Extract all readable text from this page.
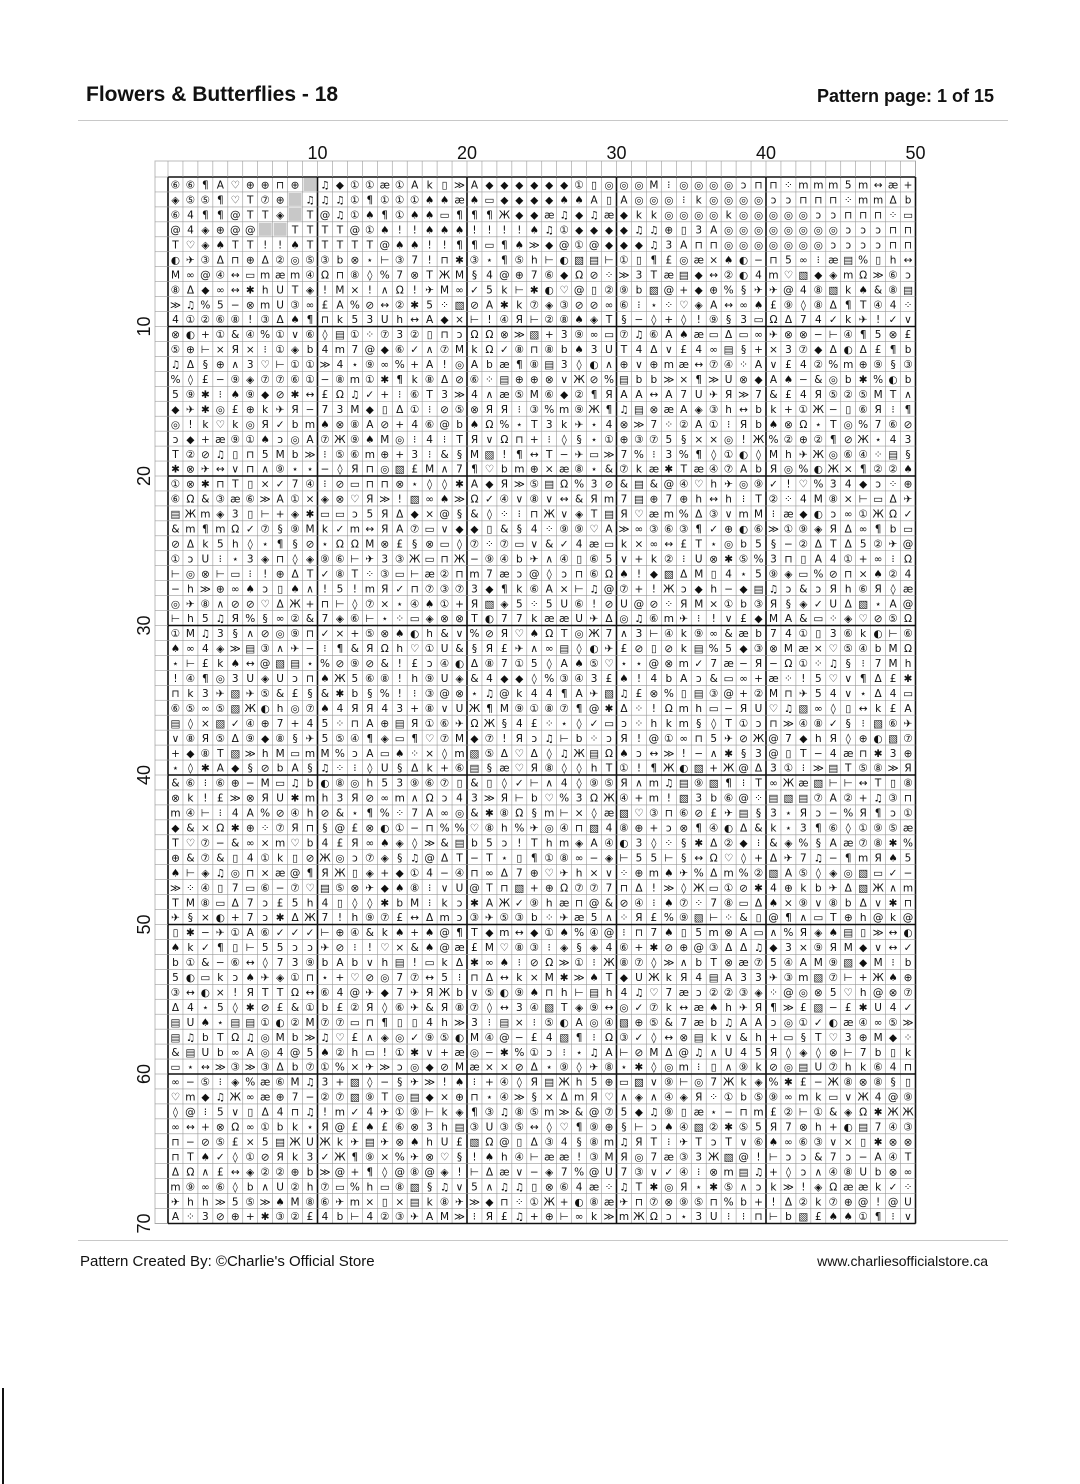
Flowers & Butterflies - 18	Pattern page: 1 of 15
⑥ ⑥ ¶ A ♡ ⊕ ⊕ ⊓ ⊕ ♫ ◆ ① ① æ ① A k ▯ ≫ A ◆ ◆ ◆ ◆ ◆ ◆ ① ▯ ◎ ◎ ◎ M ⁝ ◎ ◎ ◎ ◎ ↄ ⊓ ⊓ ⁘ m m m 5 m ↔ æ +
◈ ⑤ ⑤ ¶ ♡ T ⑦ ⊕ ♫ ♫ ♫ ① ¶ ① ① ① ♠ ♠ æ ♠ ▭ ◆ ◆ ◆ ◆ ♠ ♠ A ▯ A ◎ ◎ ◎ ⁝ k ◎ ◎ ◎ ◎ ↄ ↄ ⊓ ⊓ ⊓ ⁘ m m Δ b
⑥ 4 ¶ ¶ @ T T ◈ T @ ♫ ① ♠ ¶ ① ♠ ♠ ▭ ¶ ¶ ¶ Ж ◆ ◆ æ ♫ ◆ ♫ æ ◆ k k ◎ ◎ ◎ ◎ k ◎ ◎ ◎ ◎ ◎ ↄ ↄ ⊓ ⊓ ⊓ ⁘ ▭
@ 4 ◈ ⊕ @ @	T T T T @ ① ♠ ! ! ♠ ♠ ♠ ! ! ! ! ♠ ♫ ① ◆ ◆ ◆ ◆ ♫ ♫ ⊕ ▯ 3 A ◎ ◎ ◎ ◎ ◎ ◎ ◎ ◎ ↄ ↄ ↄ ⊓ ⊓
T ♡ ◈ ♠ T T ! ! ♠ T T T T T @ ♠ ♠ ! ! ¶ ¶ ▭ ¶ ♠ ≫ ◆ @ ① @ ◆ ◆ ◆ ♫ 3 A ⊓ ⊓ ◎ ◎ ◎ ◎ ◎ ◎ ◎ ↄ ↄ ↄ ↄ ⊓ ⊓
◐ ✈ ③ Δ ⊓ ⊕ Δ ② ◎ ⑤ ③ b ⊗ ⋆ ⊢ ③ 7 ! ⊓ ✱ ③ ⋆ ¶ ⑤ h ⊢ ◐ ▧ ▤ ⊢ ① ▯ ¶ £ ◎ æ × ♠ ◐ − ⊓ 5 ∞ ⁝ æ ▤ % ▯ h ↔
M ∞ @ ④ ↔ ▭ m æ m ④ Ω ⊓ ⑧ ◊ % 7 ⊗ T Ж M § 4 @ ⊕ 7 ⑥ ◆ Ω ⊘ ⁘ ≫ 3 T æ ▤ ◆ ↔ ② ◐ 4 m ♡ ▧ ◆ ◈ m Ω ≫ ⑥ ↄ
⑧ Δ ◆ ∞ ↔ ✱ h U T ◈ ! M × ! ∧ Ω ! ✈ M ∞ ✓ 5 k ⊢ ✱ ◐ ♡ @ ▯ ② ⑨ b ▧ @ + ◆ ⊕ % § ✈ ✈ @ 4 ⑧ ▧ k ♠ & ⑧ ▤
≫ ♫ % 5 − ⊗ m U ③ ∞ £ A % ⊘ ↔ ② ✱ 5 ⁘ ▧ ⊘ A ✱ k ⑦ ◈ ③ ⊘ ⊘ ∞ ⑥ ⁝ ⋆ ⁘ ♡ ◈ A ↔ ∞ ♠ £ ⑨ ◊ ⑧ Δ ¶ T ④ 4 ⁘
4 ① ② ⑥ ⑧ ! ③ Δ ♠ ¶ ⊓ k 5 3 U h ↔ A ◆ × ⊢ ! ④ Я ⊢ ② ⑧ ♠ ◈ T § − ◊ + ◊ ! ⑨ § 3 ▭ Ω Δ 7 4 ✓ k ✈ ! ✓ ∨
⊗ ◐ + ① & ④ % ① ∨ ⑥ ◊ ▤ ① ⁘ ⑦ 3 ② ▯ ⊓ ↄ Ω Ω ⊗ ≫ ▧ + 3 ⑨ ∞ ▭ ⑦ ♫ ⑥ A ♠ æ ▭ Δ ▭ ∞ ✈ ⊗ ⊗ − ⊢ ④ ¶ 5 ⊗ £
⑤ ⊕ ⊢ × Я × ⁝ ① ◈ b 4 m 7 @ ◆ ⑥ ✓ ∧ ⑦ M k Ω ✓ ⑧ ⊓ ⑧ b ♠ 3 U T 4 Δ ∨ £ 4 ∞ ▤ § + × 3 ⑦ ◆ Δ ◐ Δ £ ¶ b
♫ Δ § ⊕ ∧ 3 ♡ ⊢ ① ① ≫ 4 ⋆ ⑨ ∞ % + A ! ◎ A b æ ¶ ⑧ ▤ 3 ◊ ◐ ∧ ⊕ ∨ ⊕ m æ ↔ ⑦ ④ ⁘ A ∨ £ 4 ② % m ⊕ ⑨ § ③
% ◊ £ − ⑨ ◈ ⑦ ⑦ ⑥ ① − ⑧ m ① ✱ ¶ k ⑧ Δ ⊘ ⑥ ⁘ ▤ ⊕ ⊕ ⊗ ∨ Ж ⊘ % ▤ b b ≫ × ¶ ≫ U ⊗ ◆ A ♠ − & ◎ b ✱ % ◐ b
5 ⑨ ✱ ⁝ ♠ ⑨ ◆ ⊘ ✱ ↔ £ Ω ♫ ✓ + ⁝ ⑥ T 3 ≫ 4 ∧ æ ⑤ M ⑥ ◆ ② ¶ Я A A ↔ A 7 U ✈ Я ≫ 7 & £ 4 Я ⑤ ② ⑤ M T ∧
◆ ✈ ✱ ◎ £ ⊕ k ✈ Я − 7 3 M ◆ ▯ Δ ① ⁝ ⊘ ⑤ ⊗ Я Я ⁝ ③ % m ⑨ Ж ¶ ♫ ▤ ⊗ æ A ◈ ③ h ↔ b k + ① Ж − ▯ ⑥ Я ⁝ ¶
◎ ! k ♡ k ◎ Я ✓ b m ♠ ⊗ ⑧ A ⊘ + 4 ⑥ @ b ♠ Ω % ⋆ T 3 k ✈ ⋆ 4 ⊗ ≫ 7 ⁘ ② A ① ⁝ Я b ♠ ⊗ Ω ⋆ T ◎ % 7 ⑥ ⊘
ↄ ◆ + æ ⑨ ① ♠ ↄ ◎ A ⑦ Ж ⑨ ♠ M ◎ ⁝ 4 ⁝ T Я ∨ Ω ⊓ + ⁝ ◊ § ⋆ ① ⊕ ③ ⑦ 5 § × × ◎ ! Ж % ② ⊕ ② ¶ ⊘ Ж ⋆ 4 3
T ② ⊘ ♫ ▯ ⊓ 5 M b ≫ ⁝ ⑤ ⑥ m ⊕ + 3 ⁝ & § M ▧ ! ¶ ↔ T − ✈ ▭ ≫ 7 % ⁝ 3 % ¶ ◊ ① ◐ ◊ M h ✈ Ж ◎ ⑥ ④ ⁘ ▤ §
✱ ⊗ ✈ ↔ ∨ ⊓ ∧ ⑨ ⋆ ⋆ − ◊ Я ⊓ ◎ ▧ £ M ∧ 7 ¶ ♡ b m ⊕ × æ ⑧ ⋆ & ⑦ k æ ✱ T æ ④ ⑦ A b Я ◎ % ◐ Ж × ¶ ② ② ♠
① ⊗ ✱ ⊓ T ▯ × ✓ 7 ④ ⁝ ⊘ ▭ ⊓ ⊓ ⊗ ⋆ ◊ ◊ ✱ A ◆ Я ≫ ⑤ ▤ Ω % 3 ⊘ & ▤ & @ ④ ♡ h ✈ ◎ ⑨ ✓ ! ♡ % 3 4 ◆ ↄ ⁘ ⊕
⑥ Ω & ③ æ ⑥ ≫ A ① × ◈ ⊗ ♡ Я ≫ ! ▧ ∞ ♠ ≫ Ω ✓ ④ ∨ ⑧ ∨ ↔ & Я m 7 ▤ ⊕ 7 ⊕ h ↔ h ⁝ T ② ⁘ 4 M ⑧ × ⊢ ▭ Δ ✈
▤ Ж m ◈ 3 ▯ ⊢ + ◈ ✱ ▭ ▭ ↄ 5 Я Δ ◆ × @ § & ◊ ⁘ ⁝ ⊓ Ж ∨ ◈ T ▤ Я ♡ æ m % Δ ③ ∨ m M ⁝ æ ◆ ◐ ↄ ∞ ① Ж Ω ✓
& m ¶ m Ω ✓ ⑦ § ⑨ M k ✓ m ↔ Я A ⑦ ▭ ∨ ◆ ◆ ▯ & § 4 ⁘ ⑨ ⑨ ♡ A ≫ ∞ ③ ⑥ ③ ¶ ✓ ⊕ ◐ ⑥ ≫ ① ⑨ ◈ Я Δ ∞ ¶ b ▭
⊘ Δ k 5 h ◊ ⋆ ¶ § ⊘ ⋆ Ω Ω M ⊗ £ § ⊗ ▭ ◊ ⑦ ⁘ ⑦ ▭ ∨ & ✓ 4 æ ▭ k × ∞ ↔ £ T ⋆ ◎ b 5 § − ② Δ T Δ 5 ② ✈ @
① ↄ U ⁝ ⋆ 3 ◈ ⊓ ◊ ◈ ⑨ ⑥ ⊢ ✈ 3 ③ Ж ▭ ⊓ Ж − ⑨ ④ b ✈ ∧ ④ ▯ ⑥ 5 ∨ + k ② ⁝ U ⊗ ✱ ⑤ % 3 ⊓ ▯ A 4 ① + ∞ ⁝ Ω
⊢ ◎ ⊗ ⊢ ▭ ⁝ ! ⊕ Δ T ✓ ⑧ T ⁘ ③ ▭ ⊢ æ ② ⊓ m 7 æ ↄ @ ◊ ↄ ⊓ ⑥ Ω ♠ ! ◆ ▧ Δ M ▯ 4 ⋆ 5 ⑨ ◈ ▭ % ⊘ ⊓ × ♠ ② 4
− h ≫ ⊕ ∞ ♠ ↄ ▯ ♠ ∧ ! 5 ! m Я ✓ ⊓ ⑦ ③ ⑦ 3 ◆ ¶ k ⑥ A × ⊢ ♫ @ ⑦ + ! Ж ↄ ◆ h − ◆ ▤ ♫ ↄ & ↄ Я h ⑥ Я ◊ æ
◎ ✈ ⑧ ∧ ⊘ ⊘ ♡ Δ Ж + ⊓ ⊢ ◊ ⑦ × ⋆ ④ ♠ ① + Я ▧ ◈ 5 ⁘ 5 U ⑥ ! ⊘ U @ ⊘ ⁘ Я M × ① b ③ Я § ◈ ✓ U Δ ▧ ⋆ A @
⊢ h 5 ♫ Я % § ∞ ② & 7 ◈ ⑥ ⊢ ⋆ ⁘ ▭ ◈ ⊗ ⊗ T ◐ 7 7 k æ æ U ✈ Δ ◎ ♫ ⑥ m ✈ ⁝ ! ∨ £ ◆ M A & ▭ ⁘ ◈ ♡ ⊘ ⑤ Ω
① M ♫ 3 § ∧ ⊘ ◎ ⑨ ⊓ ✓ × + ⑤ ⊗ ♠ ◐ h & ∨ % ⊘ Я ♡ ♠ Ω T ◎ Ж 7 ∧ 3 ⊢ ④ k ⑨ ∞ & æ b 7 4 ① ▯ 3 ⑥ k ◐ ⊢ ⑥
♠ ∞ 4 ◈ ≫ ▤ ③ ∧ ✈ − ⁝ ¶ & Я Ω h ♡ ① U & § Я £ ✈ ∧ ∞ ▤ ◊ ◐ ✈ £ ⊘ ▯ ⊘ k ▤ % 5 ◆ ③ ⊗ M æ × ♡ ⑤ ④ b M Ω
⋆ ⊢ £ k ♠ ↔ @ ▧ ▤ ⋆ % ⊘ ⑨ ⊘ & ! £ ↄ ④ ◐ Δ ⑧ 7 ① 5 ◊ A ♠ ⑤ ♡ ⋆ ⋆ @ ⊗ m ✓ 7 æ − Я − Ω ① ⁘ ♫ § ⁝ 7 M h
! ④ ¶ ◎ 3 U ◈ U ↄ ⊓ ♠ Ж 5 ⑥ ⑧ ! h ⑨ U ◈ & 4 ◆ ◆ ◊ % ③ ④ 3 £ ♠ ! 4 b A ↄ & ▭ ∞ + æ ⁘ ! 5 ♡ ∨ ¶ Δ £ ✱
⊓ k 3 ✈ ▧ ✈ ⑤ & £ § & ✱ b § % ! ⁝ ③ @ ⊗ ⋆ ♫ @ k 4 4 ¶ A ✈ ▧ ♫ £ ⊗ % ▯ ▤ ③ @ + ② M ⊓ ✈ 5 4 ∨ ⋆ Δ 4 ▭
⑥ ⑤ ∞ ⑤ ▧ Ж ◐ h ◎ ⑦ ♠ 4 Я Я 4 3 + ⑧ ∨ U Ж ¶ M ⑨ ① ⑧ ⑦ ¶ @ ✱ Δ ⁘ ! Ω m h ▭ − Я U ♡ ♫ ▧ ∞ ◊ ▯ ↔ k £ A
▤ ◊ × ▧ ✓ ④ ⊕ 7 + 4 5 ⁘ ⊓ A ⊕ ▤ Я ① ⑥ ✈ Ω Ж § 4 £ ⁘ ⋆ ◊ ✓ ▭ ↄ ⁘ h k m § ◊ T ① ↄ ⊓ ≫ ④ ⑧ ✓ § ⁝ ▧ ⑥ ✈
∨ ⑧ Я ⑤ Δ ⑨ ◆ ⑧ § ✈ 5 ⑤ ④ ¶ ◈ ▭ ¶ ♡ ⑦ M ◆ ⑦ ! Я ↄ ♫ ⊢ b ⁘ ↄ Я ! @ ① ∞ ⊓ 5 ✈ ⊘ Ж @ 7 ◆ h Я ◊ ⊕ ◐ ▧ ⑦
+ ◆ ⑧ T ▧ ≫ h M ▭ m M % ↄ A ▭ ♠ ⁘ × ◊ m ▧ ⑤ Δ ♡ Δ ◊ ♫ Ж ▤ Ω ♠ ↄ ↔ ≫ ! − ∧ ✱ § 3 @ ▯ T − 4 æ ⊓ ✱ 3 ⊕
⋆ ◊ ✱ A ◆ § ⊘ b A § ♫ ⁘ ⁝ ◊ U § Δ k + ⑥ ▤ § æ ♡ Я ⑧ ◊ ◊ h T ① ! ¶ Ж ◐ ▧ + Ж @ Δ 3 ① ⁝ ≫ ▤ T ⑤ ⑧ ≫ Я
& ⑥ ⁝ ⑥ ⊕ − M ▭ ♫ b ◐ ⑧ ◎ h 5 3 ⑨ ⑥ ⑦ ▯ & ▯ ◊ ✓ ⊢ ∧ 4 ◊ ⑨ ⑤ Я ∧ m ♫ ▤ ⑨ ▧ ¶ ⁝ T ∞ Ж æ ▧ ⊢ ⊢ ↔ T ▯ ⑧
⊗ k ! £ ≫ ⊗ Я U ✱ m h 3 Я ⊘ ∞ m ∧ Ω ↄ 4 3 ≫ Я ⊢ b ♡ % 3 Ω Ж ④ + m ! ▧ 3 b ⑥ @ ⁘ ▤ ▧ ▤ ⑦ A ② + ♫ ③ ⊓
m ④ ⊢ ⁝ 4 A % ⊘ ④ h ⊘ & ⋆ ¶ % ⁘ 7 A ∞ ◎ & ✱ ⑧ Ω § m ⊢ × ◊ æ ▧ ♡ ③ ⊓ ⑥ ⊘ £ ✈ ▤ § 3 ⋆ Я ↄ − % Я ¶ ↄ ①
◆ & × Ω ✱ ⊕ ⁘ ⑦ Я ⊓ § @ £ ⊗ ◐ ① − ⊓ % % ♡ ⑧ h % ✈ ◎ ④ ⊓ ▧ 4 ⑧ ⊕ + ↄ ⊗ ¶ ④ ◐ Δ & k ⋆ 3 ¶ ⑥ ◊ ① ⑨ ⑤ æ
T ♡ ⑦ − & ∞ × m ♡ b 4 £ Я ∞ ♠ ◈ ◊ ≫ & ▤ b 5 ↄ ! T h m ◈ A ④ ◐ 3 ◊ ⁘ § ✱ Δ ② ◆ ⁝ & ◈ % § A æ ⑦ ⑧ ✱ %
⊕ & ⑦ & ▯ 4 ① k ▯ ⊘ Ж ◎ ↄ ⑦ ◈ § ♫ @ Δ T − T ⋆ ▯ ¶ ① ⑧ ∞ − ◈ ⊢ 5 5 ⊢ § ↔ Ω ♡ ◊ + Δ ✈ 7 ♫ − ¶ m Я ♠ 5
♠ ⊢ ◈ ♫ ◎ ⊓ × æ @ ¶ Я Ж ▯ ◈ + ◆ ① 4 − ④ ⊓ ∞ Δ 7 ⊕ ♡ ✈ h × ∨ ⁘ ⊕ m ♠ ✈ % Δ m % ② ▧ A ⑤ ◊ ◈ ◎ ▧ ▭ ✓ −
≫ ⁘ ④ ▯ 7 ▭ ⑥ − ⑦ ♡ ▤ ⑤ ⊗ ✈ ◆ ♠ ⑧ ⁝ ∨ U @ T ⊓ ▧ + ⊕ Ω ⑦ ⑦ 7 ⊓ Δ ! ≫ ◊ Ж ▭ ① ⊘ ✱ 4 ⊕ k b ✈ Δ ▧ Ж ∧ m
T M ⑧ ▭ Δ 7 ↄ £ 5 h 4 ▯ ◊ ◊ ✱ b M ⁝ k ↄ ✱ A Ж ✓ ⑨ h æ ⊓ @ & ⊘ ④ ⁝ ♠ ⑦ ⁘ 7 ⑧ ▭ Δ ♠ × ⑨ ∨ ⑧ b Δ ∨ ✱ ⊓
✈ § × ◐ + 7 ↄ ✱ Δ Ж 7 ! h ⑨ ⑦ £ ↔ Δ m ↄ ③ ✈ ⑤ ③ b ⁘ ✈ æ 5 ∧ ⁘ Я £ % ⑨ ▧ ⊢ ⁘ & ▯ @ ¶ ∧ ▭ T ⊕ h @ k @
▯ ✱ − ✈ ① A ⑥ ✓ ✓ ✓ ⊢ ⊕ ④ & k ♠ + ♠ @ ¶ T ◆ m ↔ ◆ ① ♠ % ④ @ ⁝ ⊓ 7 ♠ ▯ 5 m ⊗ A ▭ ∧ % Я ◈ ♠ ▤ ▯ ≫ ↔ ◐
♠ k ✓ ¶ ▯ ⊢ 5 5 ↄ ↄ ✈ ⊘ ⁝ ! ♡ × & ♠ @ æ £ M ♡ ⑧ ③ ⁝ ◈ § ◈ 4 ⑥ + ✱ ⊘ ⊕ @ ③ Δ Δ ♫ ◆ 3 × ⑨ Я M ◆ ∨ ↔ ✓
b ① & − ⑥ ↔ ◊ 7 3 ⑨ b A b ∨ h ▤ ! ▭ k Δ ✱ ∞ ♠ ⁝ ⊘ Ω ≫ ① ⁝ Ж ⑧ ⑦ ◊ ≫ ∧ b T ⊗ æ ⑦ 5 ④ A M ⑨ ▧ ◆ M ⁝ b
5 ◐ ▭ k ↄ ♠ ✈ ◈ ① ⊓ ⋆ + ♡ ⊘ ◎ 7 ⑦ ↔ 5 ⁝ ⊓ Δ ↔ k × M ✱ ≫ ♠ T ◆ U Ж k Я 4 ▤ A 3 3 ✈ ③ m ▧ ⑦ ⊢ + Ж ♠ ⊕
③ ↔ ◐ × ! Я T T Ω ↔ ⑥ 4 @ ✈ ◆ 7 ✈ Я Ж b ∨ ⑤ ◐ ⑨ ♠ ⊓ h ⊢ ▤ h 4 ♫ ♡ 7 æ ↄ ② ② ③ ◈ ⁘ @ ◎ ⊗ 5 ♡ h @ ⊗ ⑦
Δ 4 ⋆ 5 ◊ ✱ ⊘ £ & ① b £ ② Я ◊ ⑥ ✈ & Я ⑧ ⑦ ◊ ↔ 3 ④ ▧ T ◈ ⑨ ↔ ◎ ✓ ⑦ k ↔ æ ♠ h ✈ Я ¶ ≫ £ ▧ − £ ✱ U 4 ✓
▤ U ♠ ⋆ ▤ ▤ ① ◐ ② M ⑦ ⑦ ▭ ⊓ ¶ ▯ ▯ 4 h ≫ 3 ⁝ ▤ × ⁝ ⑤ ◐ A ◎ ④ ▧ ⊕ ⑤ & 7 æ b ♫ A A ↄ ◎ ① ✓ ◐ æ ④ ∞ ⑤ ≫
▤ ♫ b T Ω ♫ ◎ M b ≫ ♫ ♡ £ ∧ ◈ ◎ ✓ ⑨ ⑤ ◐ M ④ @ − £ 4 ▧ ¶ ⁝ Ω ③ ✓ ◊ ↔ ⊗ ▤ k ∨ & h + ▭ § T ♡ 3 ⊕ M ◆ ⁘
& ▤ U b ∞ A ◎ 4 @ 5 ♠ ② h ▭ ! ① ✱ ∨ + æ ◎ − ✱ % ① ↄ ⁝ ⋆ ♫ A ⊢ ⊘ M Δ @ ♫ ∧ U 4 5 Я ◊ ◈ ◊ ⊗ ⊢ 7 b ▯ k
▭ ⋆ ↔ ≫ ③ ≫ ③ Δ b ⑦ ① % × ✈ ≫ ↄ ◎ ◆ ⊘ M æ × × ⊘ Δ ⋆ ⑨ ◊ ✈ ⑧ ⋆ ✱ ◊ ◎ m ⁝ ▯ ∧ ⑨ k ⊘ ◎ ▤ U ⑦ h k ⑥ 4 ⊓
∞ − ⑤ ⁝ ◈ % æ ⑥ M ♫ 3 + ▧ ◊ − § ✈ ≫ ! ♠ ⁝ + ④ ◊ Я ▤ Ж h 5 ⊕ ▭ ▧ ∨ ⑨ ⊢ ◎ 7 Ж k ◈ % ✱ £ − Ж ⑧ ⊗ ⑧ § ▯
♡ m ◆ ♫ Ж ∞ æ ⊕ 7 − ② ⑦ ▧ ⑨ T ◎ ▤ ◆ × ⊕ ⊓ ⋆ ④ ≫ § × Δ m Я ♡ ∧ ◈ ∧ ④ ◈ Я ⁘ ① b ⑤ ⑨ ∞ m k ▭ ∨ Ж 4 @ ⑨
◊ @ ⁝ 5 ∨ ▯ Δ 4 ⊓ ♫ ! m ✓ 4 ✈ ① ⑨ ⊢ k ◈ ¶ ③ ♫ ⑧ ⑤ m ≫ & @ ⑦ 5 ◆ ♫ ⑨ ▯ æ ⋆ − ⊓ m £ ② ⊢ ① & ◈ Ω ✱ Ж Ж
∞ ↔ + ⊗ Ω ∞ ① b k ⋆ Я @ £ ♠ £ ⑥ ⊗ 3 h ▤ ③ U ③ ⑤ ↔ ◊ ♡ ¶ ⑨ ⊕ § ⊢ ↄ ♠ ④ ▧ ② ✱ ⑤ 5 Я 7 ⊗ h + ◐ ▤ 7 ④ ③
⊓ − ⊘ ⑤ £ × 5 ▤ Ж U Ж k ✈ ▤ ✈ ⊗ ♠ h U £ ▧ Ω @ ▯ Δ ③ 4 § ⑧ m ♫ Я T ⁝ ✈ T ↄ T ∨ ⑥ ♠ ∞ ⑥ ③ ∨ × ▯ ✱ ⊗ ⊗
⊓ T ♠ ✓ ◊ ① ⊘ Я k 3 ✓ Ж ¶ ⑨ × % ✈ ⊗ ♡ § ! ♠ h ④ ⊢ æ æ ! ③ M Я ◎ 7 æ ③ 3 Ж ▧ @ ! ⊢ ↄ ↄ & 7 ↄ − A ④ T
Δ Ω ∧ £ ↔ ◈ ② ② ⊕ b ≫ @ + ¶ ◊ @ ⑧ @ ◈ ! ⊢ Δ æ ∨ − ◈ 7 % @ U 7 ③ ∨ ✓ ④ ⁝ ⊗ m ▤ ♫ + ◊ ↄ ∧ ④ ⑧ U b ⊗ ∞
m ⑨ ∞ ⑥ ◊ b ∧ U ② h ⑦ ▭ % h ▭ ⑧ ▧ § ♫ ∨ 5 ∧ ♫ ♫ ▯ ⊗ ⑥ 4 æ ⁘ ♫ T ✱ ◎ Я ⋆ ✱ ⑤ ∧ ↄ k ≫ ! ◈ Ω æ æ k ✓ ⁘
✈ h h ≫ 5 ⑤ ≫ ♠ M ⑧ ⑥ ✈ m × ▯ × ▤ k ⑧ ✈ ≫ ◆ ⊓ ⁘ ① Ж + ◐ ⑧ æ ✈ ⊓ ⑦ ⊗ ⑨ ⑤ ⊓ % b + ! Δ ② k ⑦ ⊕ @ ! @ U
A ⁘ 3 ⊘ ⊕ + ✱ ③ ② £ 4 b ⊢ 4 ② ③ ✈ A M ≫ ⁝ Я £ ♫ + ⊕ ⊢ ∞ k ≫ m Ж Ω ↄ ⋆ 3 U ⁝ ⁝ ⊓ ⊢ b ▧ £ ♠ ♠ ① ¶ ⁝ ∨
10	20	30	40	50
10
20
30
40
50
60
70
Pattern Created By: ©Charlie's Official Store	www.charliesofficialstore.ca
